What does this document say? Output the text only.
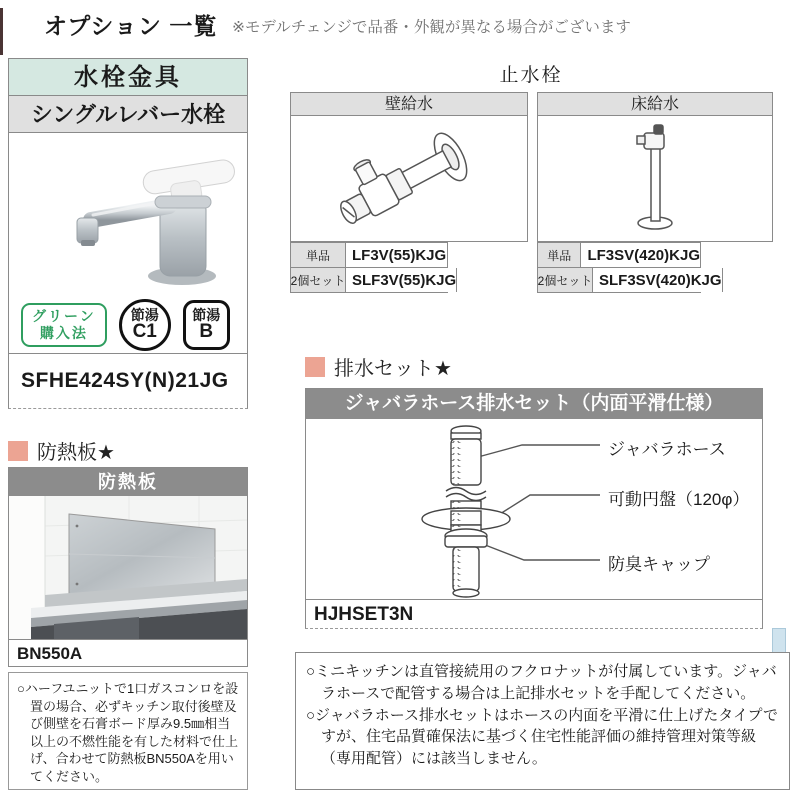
オプション 一覧 ※モデルチェンジで品番・外観が異なる場合がございます
水栓金具
シングルレバー水栓
グリーン
購入法
節湯
C1
節湯
B
SFHE424SY(N)21JG
防熱板★
防熱板
BN550A

○ハーフユニットで1口ガスコンロを設置の場合、必ずキッチン取付後壁及び側壁を石膏ボード厚み9.5㎜相当以上の不燃性能を有した材料で仕上げ、合わせて防熱板BN550Aを用いてください。

止水栓
壁給水
単品	LF3V(55)KJG
2個セット SLF3V(55)KJG
床給水
単品	LF3SV(420)KJG
2個セット SLF3SV(420)KJG
排水セット★
ジャバラホース排水セット（内面平滑仕様）
ジャバラホース
可動円盤（120φ）
防臭キャップ
HJHSET3N

○ミニキッチンは直管接続用のフクロナットが付属しています。ジャバラホースで配管する場合は上記排水セットを手配してください。

○ジャバラホース排水セットはホースの内面を平滑に仕上げたタイプですが、住宅品質確保法に基づく住宅性能評価の維持管理対策等級（専用配管）には該当しません。
